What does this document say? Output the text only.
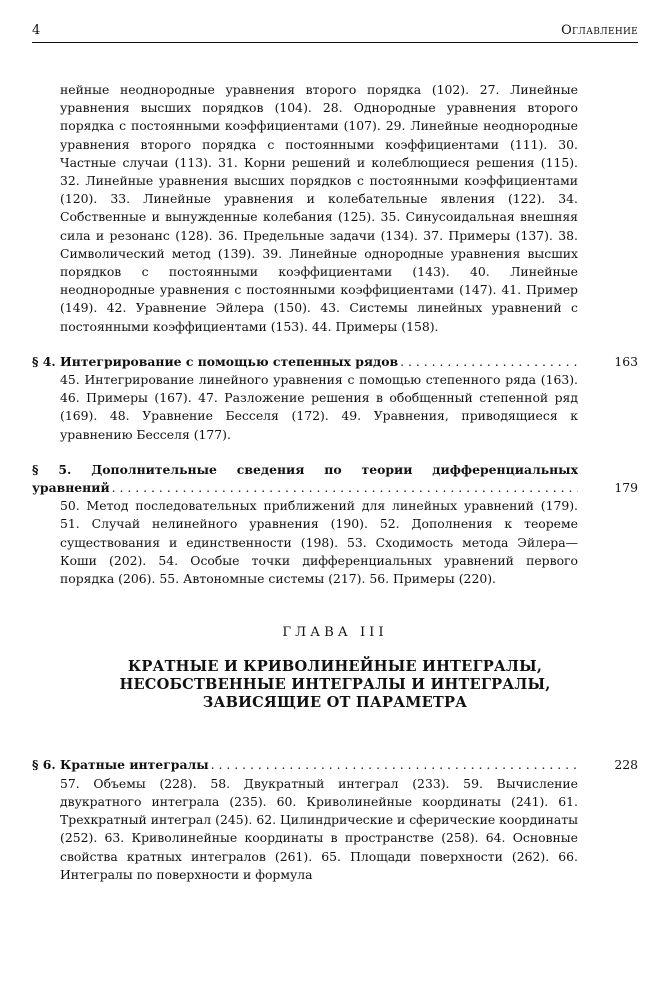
4	Оглавление
нейные неоднородные уравнения второго порядка (102). 27. Линейные уравнения высших порядков (104). 28. Однородные уравнения второго порядка с постоянными коэффициентами (107). 29. Линейные неоднородные уравнения второго порядка с постоянными коэффициентами (111). 30. Частные случаи (113). 31. Корни решений и колеблющиеся решения (115). 32. Линейные уравнения высших порядков с постоянными коэффициентами (120). 33. Линейные уравнения и колебательные явления (122). 34. Собственные и вынужденные колебания (125). 35. Синусоидальная внешняя сила и резонанс (128). 36. Предельные задачи (134). 37. Примеры (137). 38. Символический метод (139). 39. Линейные однородные уравнения высших порядков с постоянными коэффициентами (143). 40. Линейные неоднородные уравнения с постоянными коэффициентами (147). 41. Пример (149). 42. Уравнение Эйлера (150). 43. Системы линейных уравнений с постоянными коэффициентами (153). 44. Примеры (158).
§ 4. Интегрирование с помощью степенных рядов . . .	163
45. Интегрирование линейного уравнения с помощью степенного ряда (163). 46. Примеры (167). 47. Разложение решения в обобщенный степенной ряд (169). 48. Уравнение Бесселя (172). 49. Уравнения, приводящиеся к уравнению Бесселя (177).
§ 5. Дополнительные сведения по теории дифференциальных
уравнений . . .	179
50. Метод последовательных приближений для линейных уравнений (179). 51. Случай нелинейного уравнения (190). 52. Дополнения к теореме существования и единственности (198). 53. Сходимость метода Эйлера—Коши (202). 54. Особые точки дифференциальных уравнений первого порядка (206). 55. Автономные системы (217). 56. Примеры (220).
ГЛАВА III
КРАТНЫЕ И КРИВОЛИНЕЙНЫЕ ИНТЕГРАЛЫ,
НЕСОБСТВЕННЫЕ ИНТЕГРАЛЫ И ИНТЕГРАЛЫ,
ЗАВИСЯЩИЕ ОТ ПАРАМЕТРА
§ 6. Кратные интегралы . . .	228
57. Объемы (228). 58. Двукратный интеграл (233). 59. Вычисление двукратного интеграла (235). 60. Криволинейные координаты (241). 61. Трехкратный интеграл (245). 62. Цилиндрические и сферические координаты (252). 63. Криволинейные координаты в пространстве (258). 64. Основные свойства кратных интегралов (261). 65. Площади поверхности (262). 66. Интегралы по поверхности и формула
